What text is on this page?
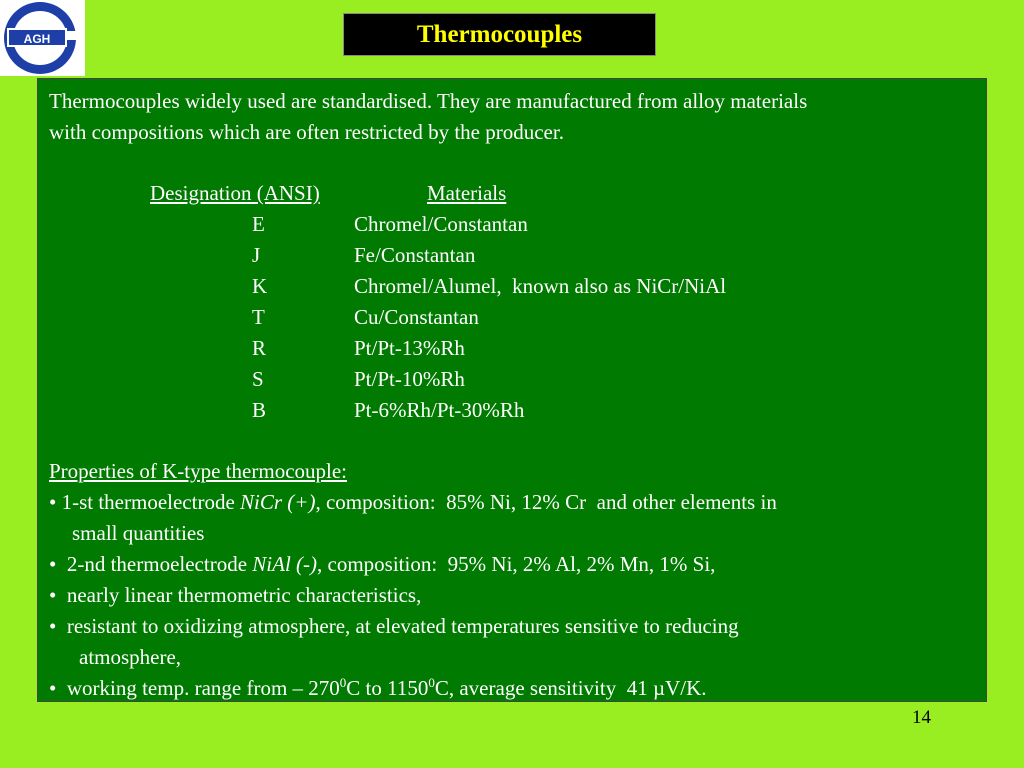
AGH	Thermocouples
Thermocouples widely used are standardised. They are manufactured from alloy materials
with compositions which are often restricted by the producer.
Designation (ANSI)	Materials
E	Chromel/Constantan
J	Fe/Constantan
K	Chromel/Alumel,  known also as NiCr/NiAl
T	Cu/Constantan
R	Pt/Pt-13%Rh
S	Pt/Pt-10%Rh
B	Pt-6%Rh/Pt-30%Rh
Properties of K-type thermocouple:
• 1-st thermoelectrode NiCr (+), composition:  85% Ni, 12% Cr  and other elements in
small quantities
•  2-nd thermoelectrode NiAl (-), composition:  95% Ni, 2% Al, 2% Mn, 1% Si,
•  nearly linear thermometric characteristics,
•  resistant to oxidizing atmosphere, at elevated temperatures sensitive to reducing
atmosphere,
•  working temp. range from – $270^0C$ to 1150$^0$C, average sensitivity  41 µV/K.
14
